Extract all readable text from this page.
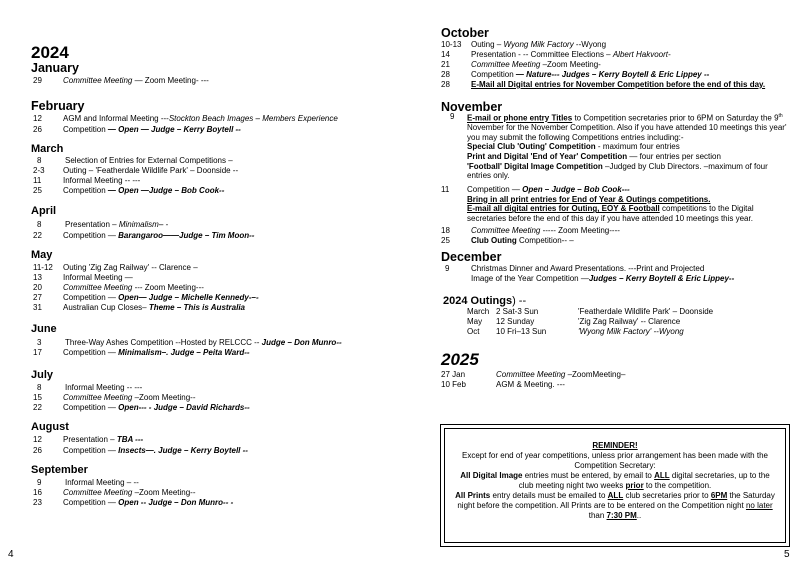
2024
January
29	Committee Meeting — Zoom Meeting- ---
February
12	AGM and Informal Meeting ---Stockton Beach Images – Members Experience
26	Competition — Open — Judge – Kerry Boytell --
March
8	Selection of Entries for External Competitions –
2-3 Outing – 'Featherdale Wildlife Park' – Doonside --
11	Informal Meeting -- ---
25	Competition — Open —Judge – Bob Cook--
April
8	Presentation – Minimalism– -
22	Competition — Barangaroo——Judge – Tim Moon--
May
11-12 Outing 'Zig Zag Railway' -- Clarence –
13	Informal Meeting —
20	Committee Meeting --- Zoom Meeting---
27	Competition — Open— Judge – Michelle Kennedy-–-
31	Australian Cup Closes– Theme – This is Australia
June
3	Three-Way Ashes Competition --Hosted by RELCCC -- Judge – Don Munro--
17	Competition — Minimalism–. Judge – Peita Ward--
July
8	Informal Meeting -- ---
15	Committee Meeting –Zoom Meeting--
22	Competition — Open--- - Judge – David Richards--
August
12	Presentation – TBA ---
26	Competition — Insects—. Judge – Kerry Boytell --
September
9	Informal Meeting – --
16	Committee Meeting –Zoom Meeting--
23	Competition — Open -- Judge – Don Munro-- -
4
October
10-13 Outing – Wyong Milk Factory --Wyong
14	Presentation - -- Committee Elections – Albert Hakvoort-
21	Committee Meeting –Zoom Meeting-
28	Competition — Nature--- Judges – Kerry Boytell & Eric Lippey --
28	E-Mail all Digital entries for November Competition before the end of this day.
November
9 E-mail or phone entry Titles to Competition secretaries prior to 6PM on Saturday the 9th November for the November Competition. Also if you have attended 10 meetings this year' you may submit the following Competitions entries including:-
Special Club 'Outing' Competition - maximum four entries
Print and Digital 'End of Year' Competition — four entries per section
'Football' Digital Image Competition –Judged by Club Directors. –maximum of four entries only.
11 Competition — Open – Judge – Bob Cook---
Bring in all print entries for End of Year & Outings competitions.
E-mail all digital entries for Outing, EOY & Football competitions to the Digital secretaries before the end of this day if you have attended 10 meetings this year.
18	Committee Meeting ----- Zoom Meeting----
25	Club Outing Competition-- –
December
9	Christmas Dinner and Award Presentations. ---Print and Projected
Image of the Year Competition —Judges – Kerry Boytell & Eric Lippey--
2024 Outings) --
March 2 Sat-3 Sun	'Featherdale Wildlife Park' – Doonside
May 12 Sunday	'Zig Zag Railway' -- Clarence
Oct 10 Fri–13 Sun	'Wyong Milk Factory' --Wyong
2025
27 Jan	Committee Meeting –ZoomMeeting–
10 Feb	AGM & Meeting. ---
REMINDER!
Except for end of year competitions, unless prior arrangement has been made with the Competition Secretary:
All Digital Image entries must be entered, by email to ALL digital secretaries, up to the club meeting night two weeks prior to the competition.
All Prints entry details must be emailed to ALL club secretaries prior to 6PM the Saturday night before the competition. All Prints are to be entered on the Competition night no later than 7:30 PM..
5
